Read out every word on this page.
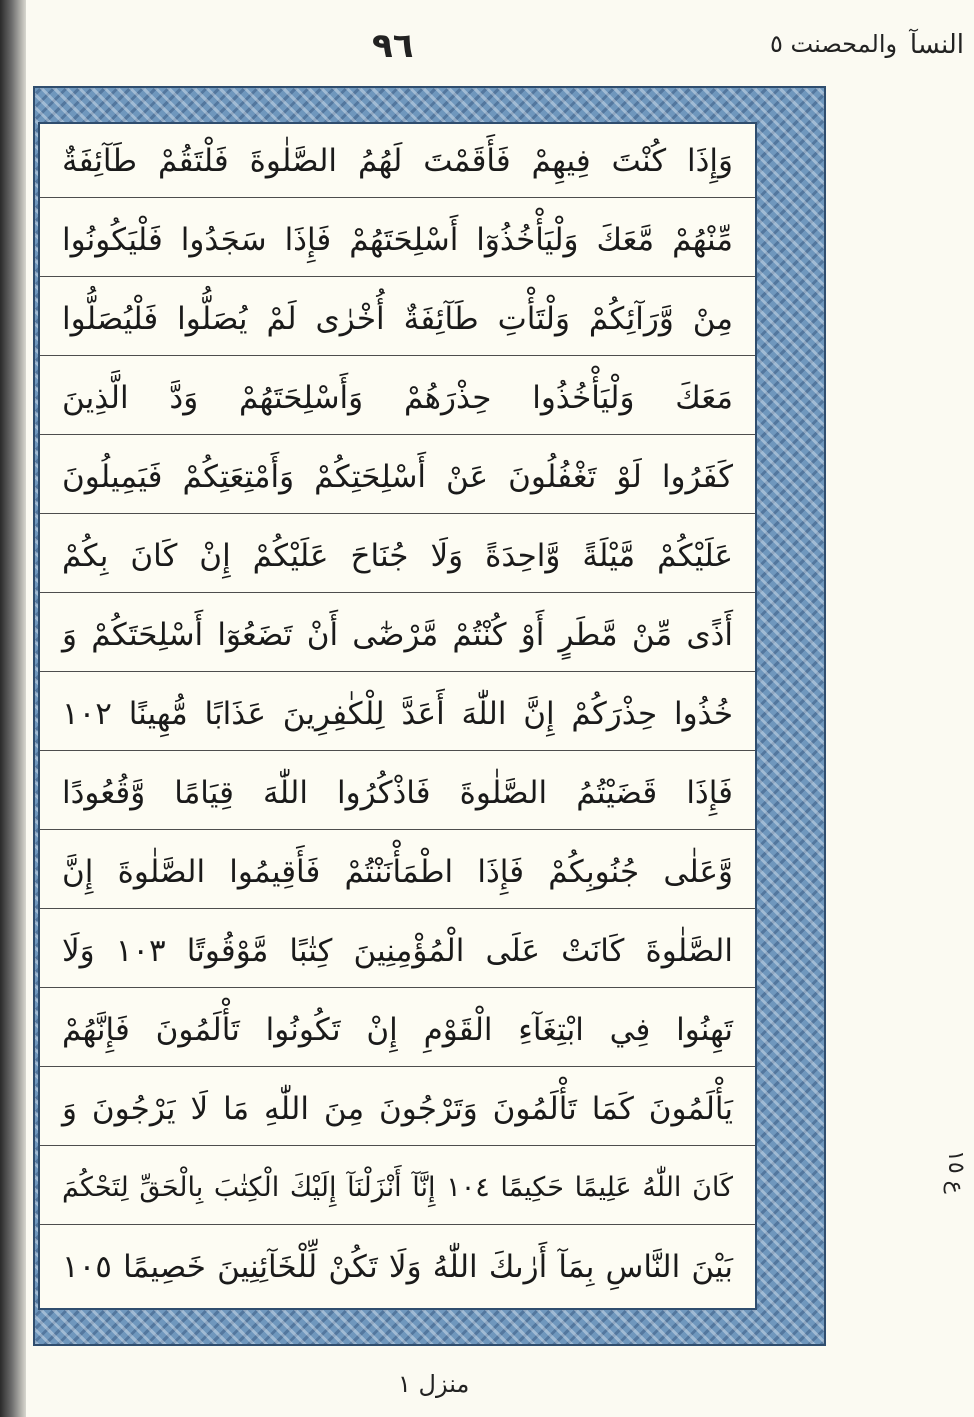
والمحصنت ٥
٩٦	النسآ
وَإِذَا كُنْتَ فِيهِمْ فَأَقَمْتَ لَهُمُ الصَّلٰوةَ فَلْتَقُمْ طَآئِفَةٌ
مِّنْهُمْ مَّعَكَ وَلْيَأْخُذُوٓا أَسْلِحَتَهُمْ فَإِذَا سَجَدُوا فَلْيَكُونُوا
مِنْ وَّرَآئِكُمْ وَلْتَأْتِ طَآئِفَةٌ أُخْرٰى لَمْ يُصَلُّوا فَلْيُصَلُّوا
مَعَكَ وَلْيَأْخُذُوا حِذْرَهُمْ وَأَسْلِحَتَهُمْ وَدَّ الَّذِينَ
كَفَرُوا لَوْ تَغْفُلُونَ عَنْ أَسْلِحَتِكُمْ وَأَمْتِعَتِكُمْ فَيَمِيلُونَ
عَلَيْكُمْ مَّيْلَةً وَّاحِدَةً وَلَا جُنَاحَ عَلَيْكُمْ إِنْ كَانَ بِكُمْ
أَذًى مِّنْ مَّطَرٍ أَوْ كُنْتُمْ مَّرْضٰٓى أَنْ تَضَعُوٓا أَسْلِحَتَكُمْ وَ
خُذُوا حِذْرَكُمْ إِنَّ اللّٰهَ أَعَدَّ لِلْكٰفِرِينَ عَذَابًا مُّهِينًا ١٠٢
فَإِذَا قَضَيْتُمُ الصَّلٰوةَ فَاذْكُرُوا اللّٰهَ قِيَامًا وَّقُعُودًا
وَّعَلٰى جُنُوبِكُمْ فَإِذَا اطْمَأْنَنْتُمْ فَأَقِيمُوا الصَّلٰوةَ إِنَّ
الصَّلٰوةَ كَانَتْ عَلَى الْمُؤْمِنِينَ كِتٰبًا مَّوْقُوتًا ١٠٣ وَلَا
تَهِنُوا فِي ابْتِغَآءِ الْقَوْمِ إِنْ تَكُونُوا تَأْلَمُونَ فَإِنَّهُمْ
يَأْلَمُونَ كَمَا تَأْلَمُونَ وَتَرْجُونَ مِنَ اللّٰهِ مَا لَا يَرْجُونَ وَ
كَانَ اللّٰهُ عَلِيمًا حَكِيمًا ١٠٤ إِنَّآ أَنْزَلْنَآ إِلَيْكَ الْكِتٰبَ بِالْحَقِّ لِتَحْكُمَ
بَيْنَ النَّاسِ بِمَآ أَرٰىكَ اللّٰهُ وَلَا تَكُنْ لِّلْخَآئِنِينَ خَصِيمًا ١٠٥
ع ١٥
منزل ١
